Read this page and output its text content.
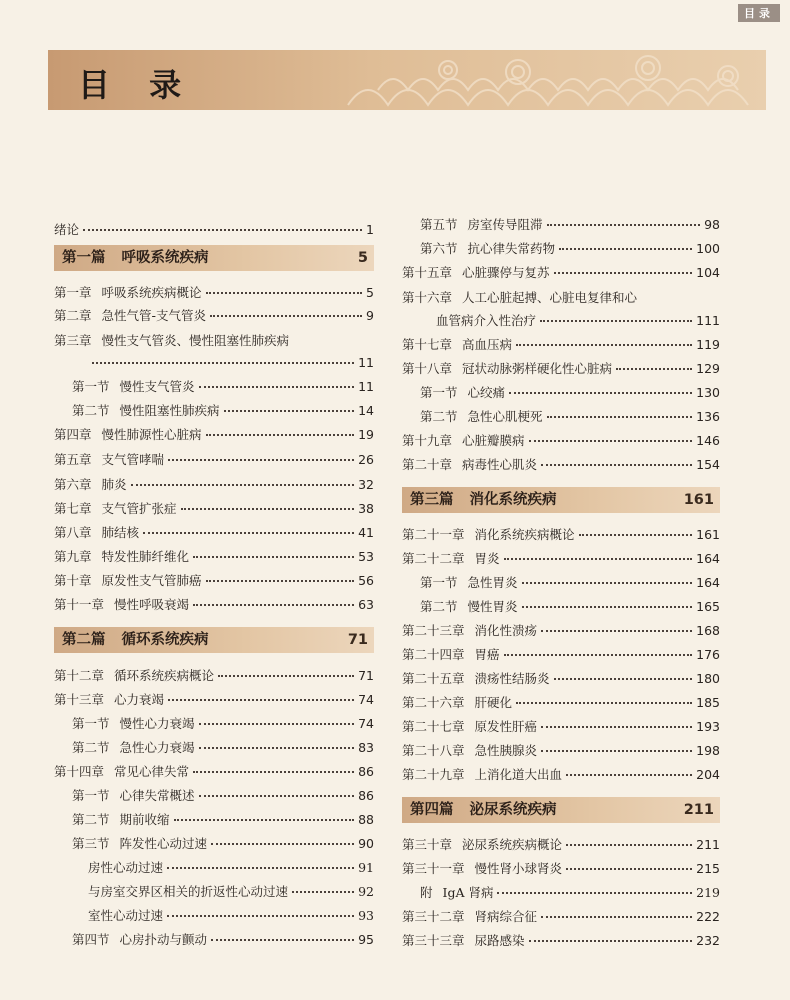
目录
目 录
绪论	1
第一篇 呼吸系统疾病	5
第一章 呼吸系统疾病概论	5
第二章 急性气管-支气管炎	9
第三章 慢性支气管炎、慢性阻塞性肺疾病
11
第一节 慢性支气管炎	11
第二节 慢性阻塞性肺疾病	14
第四章 慢性肺源性心脏病	19
第五章 支气管哮喘	26
第六章 肺炎	32
第七章 支气管扩张症	38
第八章 肺结核	41
第九章 特发性肺纤维化	53
第十章 原发性支气管肺癌	56
第十一章 慢性呼吸衰竭	63
第二篇 循环系统疾病	71
第十二章 循环系统疾病概论	71
第十三章 心力衰竭	74
第一节 慢性心力衰竭	74
第二节 急性心力衰竭	83
第十四章 常见心律失常	86
第一节 心律失常概述	86
第二节 期前收缩	88
第三节 阵发性心动过速	90
房性心动过速	91
与房室交界区相关的折返性心动过速	92
室性心动过速	93
第四节 心房扑动与颤动	95
第五节 房室传导阻滞	98
第六节 抗心律失常药物	100
第十五章 心脏骤停与复苏	104
第十六章 人工心脏起搏、心脏电复律和心
血管病介入性治疗	111
第十七章 高血压病	119
第十八章 冠状动脉粥样硬化性心脏病	129
第一节 心绞痛	130
第二节 急性心肌梗死	136
第十九章 心脏瓣膜病	146
第二十章 病毒性心肌炎	154
第三篇 消化系统疾病	161
第二十一章 消化系统疾病概论	161
第二十二章 胃炎	164
第一节 急性胃炎	164
第二节 慢性胃炎	165
第二十三章 消化性溃疡	168
第二十四章 胃癌	176
第二十五章 溃疡性结肠炎	180
第二十六章 肝硬化	185
第二十七章 原发性肝癌	193
第二十八章 急性胰腺炎	198
第二十九章 上消化道大出血	204
第四篇 泌尿系统疾病	211
第三十章 泌尿系统疾病概论	211
第三十一章 慢性肾小球肾炎	215
附 IgA 肾病	219
第三十二章 肾病综合征	222
第三十三章 尿路感染	232
